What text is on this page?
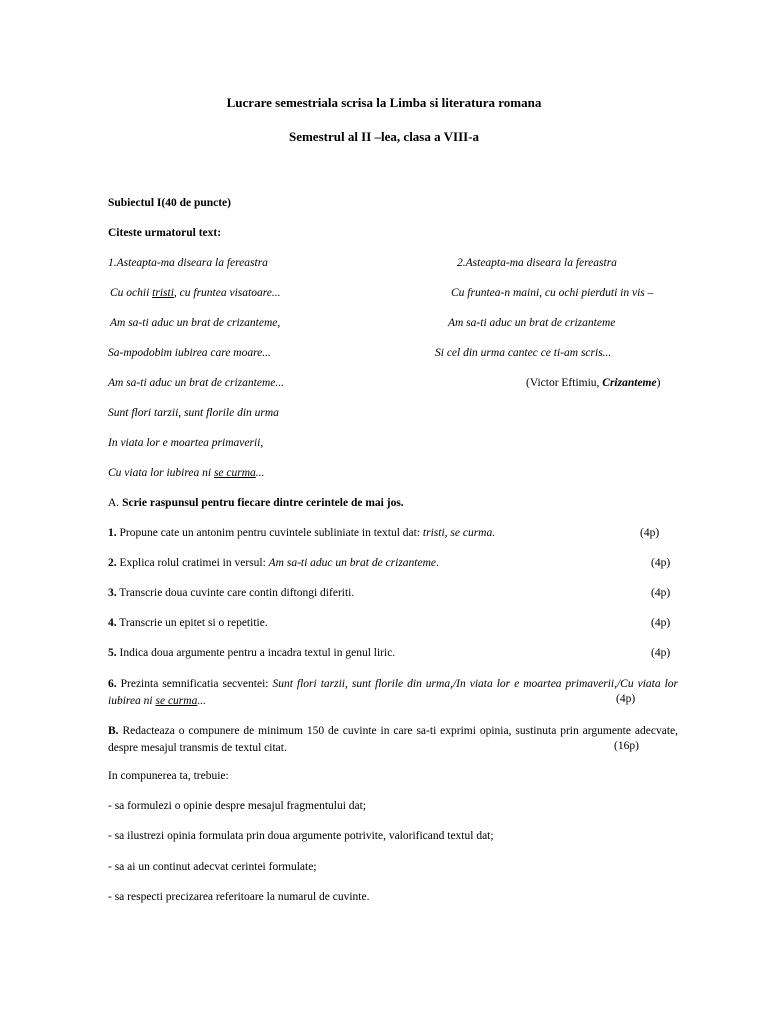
Lucrare semestriala scrisa la Limba si literatura romana
Semestrul al II –lea, clasa a VIII-a
Subiectul I(40 de puncte)
Citeste urmatorul text:
1.Asteapta-ma diseara la fereastra
Cu ochii tristi, cu fruntea visatoare...
Am sa-ti aduc un brat de crizanteme,
Sa-mpodobim iubirea care moare...
Am sa-ti aduc un brat de crizanteme...
Sunt flori tarzii, sunt florile din urma
In viata lor e moartea primaverii,
Cu viata lor iubirea ni se curma...
2.Asteapta-ma diseara la fereastra
Cu fruntea-n maini, cu ochi pierduti in vis –
Am sa-ti aduc un brat de crizanteme
Si cel din urma cantec ce ti-am scris...
(Victor Eftimiu, Crizanteme)
A. Scrie raspunsul pentru fiecare dintre cerintele de mai jos.
1. Propune cate un antonim pentru cuvintele subliniate in textul dat: tristi, se curma.	(4p)
2. Explica rolul cratimei in versul: Am sa-ti aduc un brat de crizanteme.	(4p)
3. Transcrie doua cuvinte care contin diftongi diferiti.	(4p)
4. Transcrie un epitet si o repetitie.	(4p)
5. Indica doua argumente pentru a incadra textul in genul liric.	(4p)
6. Prezinta semnificatia secventei: Sunt flori tarzii, sunt florile din urma,/In viata lor e moartea primaverii,/Cu viata lor iubirea ni se curma...	(4p)
B. Redacteaza o compunere de minimum 150 de cuvinte in care sa-ti exprimi opinia, sustinuta prin argumente adecvate, despre mesajul transmis de textul citat.	(16p)
In compunerea ta, trebuie:
- sa formulezi o opinie despre mesajul fragmentului dat;
- sa ilustrezi opinia formulata prin doua argumente potrivite, valorificand textul dat;
- sa ai un continut adecvat cerintei formulate;
- sa respecti precizarea referitoare la numarul de cuvinte.
